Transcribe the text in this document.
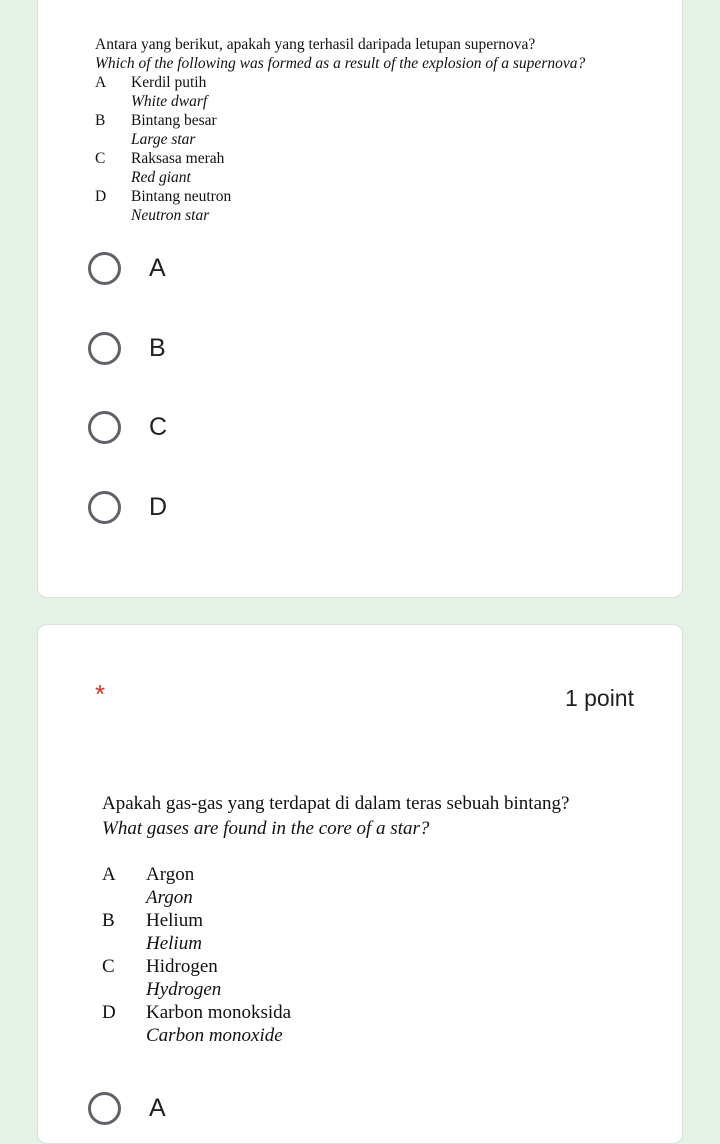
Antara yang berikut, apakah yang terhasil daripada letupan supernova?
Which of the following was formed as a result of the explosion of a supernova?
A Kerdil putih
White dwarf
B Bintang besar
Large star
C Raksasa merah
Red giant
D Bintang neutron
Neutron star
A
B
C
D
*	1 point
Apakah gas-gas yang terdapat di dalam teras sebuah bintang?
What gases are found in the core of a star?
A Argon
Argon
B Helium
Helium
C Hidrogen
Hydrogen
D Karbon monoksida
Carbon monoxide
A
